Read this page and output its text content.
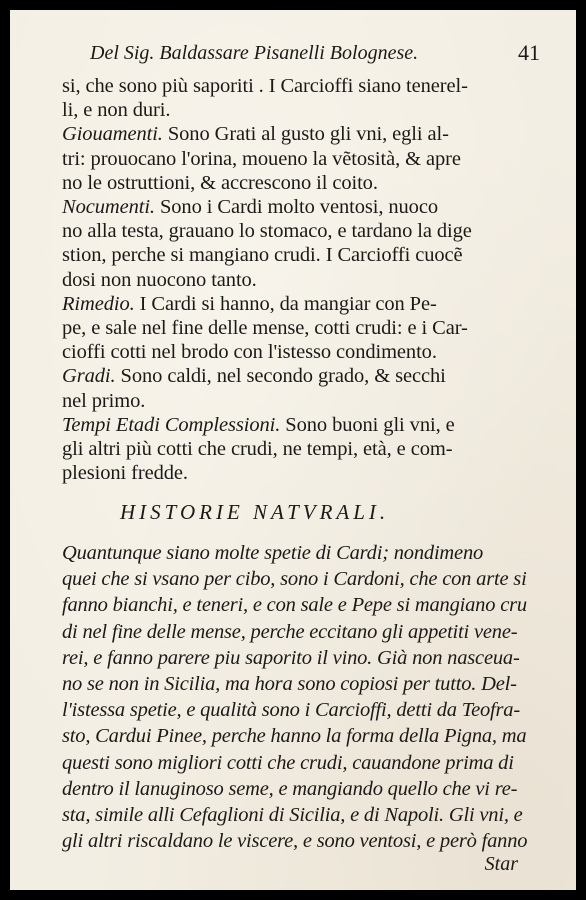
Del Sig. Baldassare Pisanelli Bolognese.	41
si, che sono più saporiti . I Carcioffi siano tenerel-
li, e non duri.
Giouamenti. Sono Grati al gusto gli vni, egli al-
tri: prouocano l'orina, moueno la vẽtosità, & apre
no le ostruttioni, & accrescono il coito.
Nocumenti. Sono i Cardi molto ventosi, nuoco
no alla testa, grauano lo stomaco, e tardano la dige
stion, perche si mangiano crudi. I Carcioffi cuocẽ
dosi non nuocono tanto.
Rimedio. I Cardi si hanno, da mangiar con Pe-
pe, e sale nel fine delle mense, cotti crudi: e i Car-
cioffi cotti nel brodo con l'istesso condimento.
Gradi. Sono caldi, nel secondo grado, & secchi
nel primo.
Tempi Etadi Complessioni. Sono buoni gli vni, e
gli altri più cotti che crudi, ne tempi, età, e com-
plesioni fredde.
HISTORIE NATVRALI.
Quantunque siano molte spetie di Cardi; nondimeno
quei che si vsano per cibo, sono i Cardoni, che con arte si
fanno bianchi, e teneri, e con sale e Pepe si mangiano cru
di nel fine delle mense, perche eccitano gli appetiti vene-
rei, e fanno parere piu saporito il vino. Già non nasceua-
no se non in Sicilia, ma hora sono copiosi per tutto. Del-
l'istessa spetie, e qualità sono i Carcioffi, detti da Teofra-
sto, Cardui Pinee, perche hanno la forma della Pigna, ma
questi sono migliori cotti che crudi, cauandone prima di
dentro il lanuginoso seme, e mangiando quello che vi re-
sta, simile alli Cefaglioni di Sicilia, e di Napoli. Gli vni, e
gli altri riscaldano le viscere, e sono ventosi, e però fanno
Star
